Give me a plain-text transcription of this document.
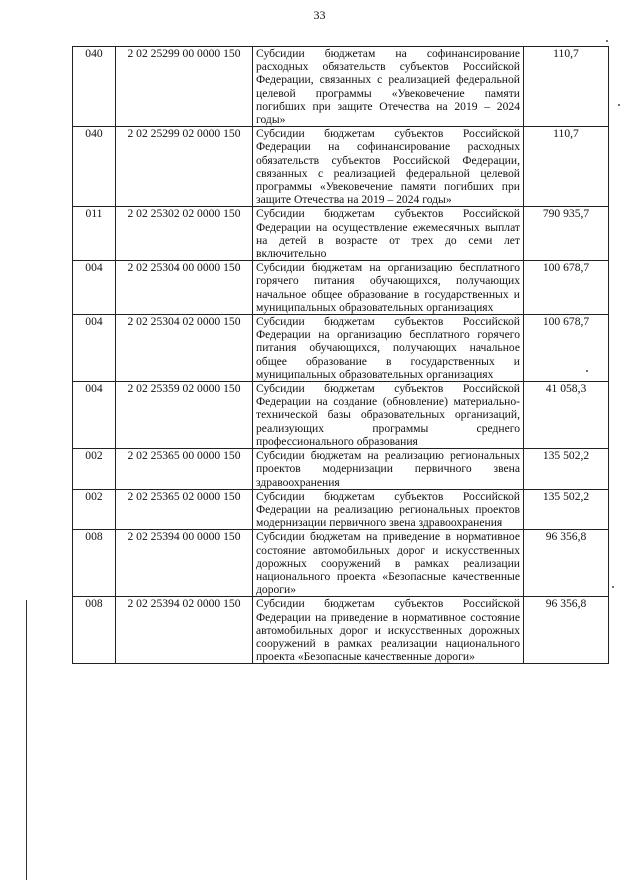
33
040	2 02 25299 00 0000 150	Субсидии бюджетам на софинансирование расходных обязательств субъектов Российской Федерации, связанных с реализацией федеральной целевой программы «Увековечение памяти погибших при защите Отечества на 2019 – 2024 годы»	110,7
040	2 02 25299 02 0000 150	Субсидии бюджетам субъектов Российской Федерации на софинансирование расходных обязательств субъектов Российской Федерации, связанных с реализацией федеральной целевой программы «Увековечение памяти погибших при защите Отечества на 2019 – 2024 годы»	110,7
011	2 02 25302 02 0000 150	Субсидии бюджетам субъектов Российской Федерации на осуществление ежемесячных выплат на детей в возрасте от трех до семи лет включительно	790 935,7
004	2 02 25304 00 0000 150	Субсидии бюджетам на организацию бесплатного горячего питания обучающихся, получающих начальное общее образование в государственных и муниципальных образовательных организациях	100 678,7
004	2 02 25304 02 0000 150	Субсидии бюджетам субъектов Российской Федерации на организацию бесплатного горячего питания обучающихся, получающих начальное общее образование в государственных и муниципальных образовательных организациях	100 678,7
004	2 02 25359 02 0000 150	Субсидии бюджетам субъектов Российской Федерации на создание (обновление) материально-технической базы образовательных организаций, реализующих программы среднего профессионального образования	41 058,3
002	2 02 25365 00 0000 150	Субсидии бюджетам на реализацию региональных проектов модернизации первичного звена здравоохранения	135 502,2
002	2 02 25365 02 0000 150	Субсидии бюджетам субъектов Российской Федерации на реализацию региональных проектов модернизации первичного звена здравоохранения	135 502,2
008	2 02 25394 00 0000 150	Субсидии бюджетам на приведение в нормативное состояние автомобильных дорог и искусственных дорожных сооружений в рамках реализации национального проекта «Безопасные качественные дороги»	96 356,8
008	2 02 25394 02 0000 150	Субсидии бюджетам субъектов Российской Федерации на приведение в нормативное состояние автомобильных дорог и искусственных дорожных сооружений в рамках реализации национального проекта «Безопасные качественные дороги»	96 356,8
